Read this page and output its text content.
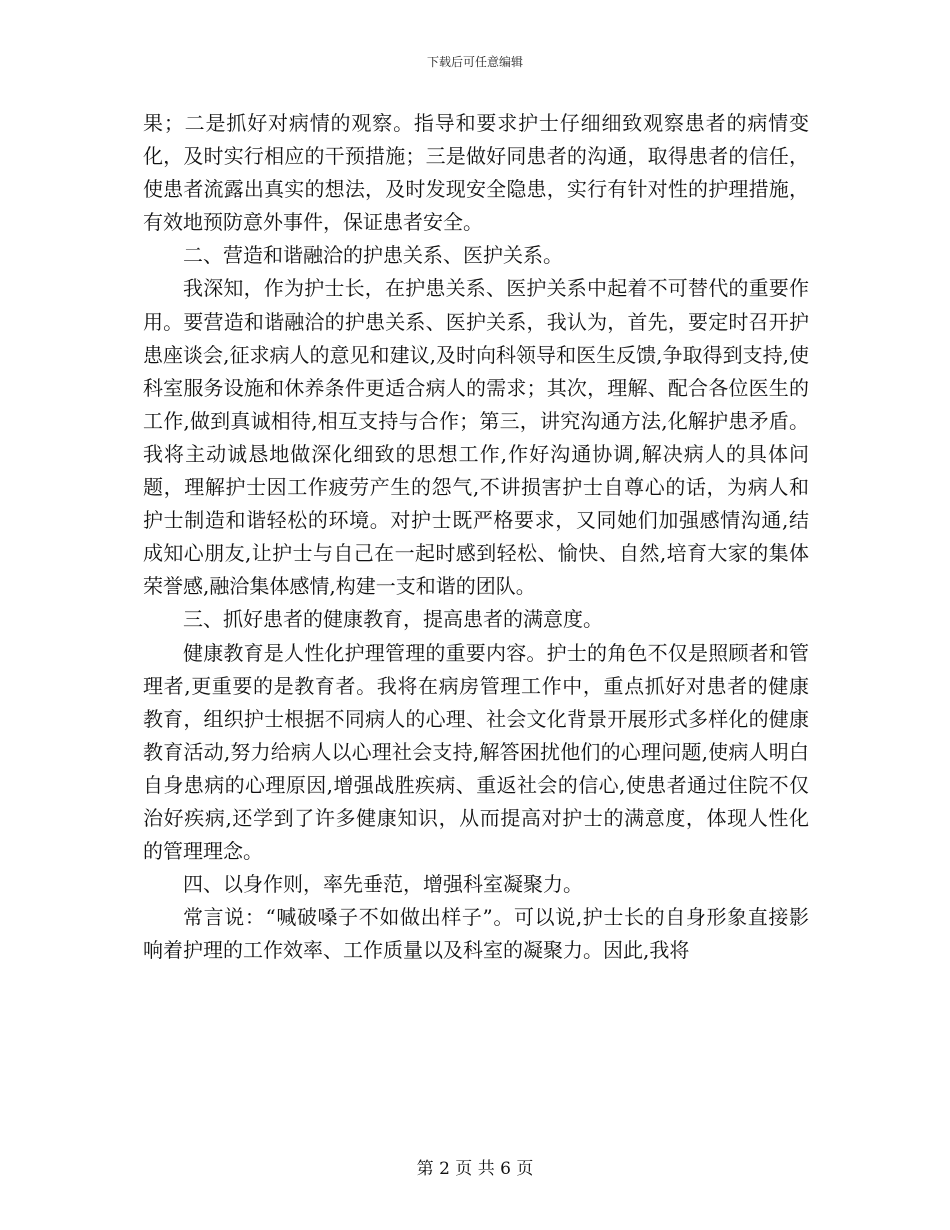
下载后可任意编辑

果；二是抓好对病情的观察。指导和要求护士仔细细致观察患者的病情变化，及时实行相应的干预措施；三是做好同患者的沟通，取得患者的信任，使患者流露出真实的想法，及时发现安全隐患，实行有针对性的护理措施，有效地预防意外事件，保证患者安全。

二、营造和谐融洽的护患关系、医护关系。

我深知，作为护士长，在护患关系、医护关系中起着不可替代的重要作用。要营造和谐融洽的护患关系、医护关系，我认为，首先，要定时召开护患座谈会,征求病人的意见和建议,及时向科领导和医生反馈,争取得到支持,使科室服务设施和休养条件更适合病人的需求；其次，理解、配合各位医生的工作,做到真诚相待,相互支持与合作；第三，讲究沟通方法,化解护患矛盾。我将主动诚恳地做深化细致的思想工作,作好沟通协调,解决病人的具体问题，理解护士因工作疲劳产生的怨气,不讲损害护士自尊心的话，为病人和护士制造和谐轻松的环境。对护士既严格要求，又同她们加强感情沟通,结成知心朋友,让护士与自己在一起时感到轻松、愉快、自然,培育大家的集体荣誉感,融洽集体感情,构建一支和谐的团队。

三、抓好患者的健康教育，提高患者的满意度。

健康教育是人性化护理管理的重要内容。护士的角色不仅是照顾者和管理者,更重要的是教育者。我将在病房管理工作中，重点抓好对患者的健康教育，组织护士根据不同病人的心理、社会文化背景开展形式多样化的健康教育活动,努力给病人以心理社会支持,解答困扰他们的心理问题,使病人明白自身患病的心理原因,增强战胜疾病、重返社会的信心,使患者通过住院不仅治好疾病,还学到了许多健康知识，从而提高对护士的满意度，体现人性化的管理理念。

四、以身作则，率先垂范，增强科室凝聚力。

常言说：“喊破嗓子不如做出样子”。可以说,护士长的自身形象直接影响着护理的工作效率、工作质量以及科室的凝聚力。因此,我将

第 2 页 共 6 页
